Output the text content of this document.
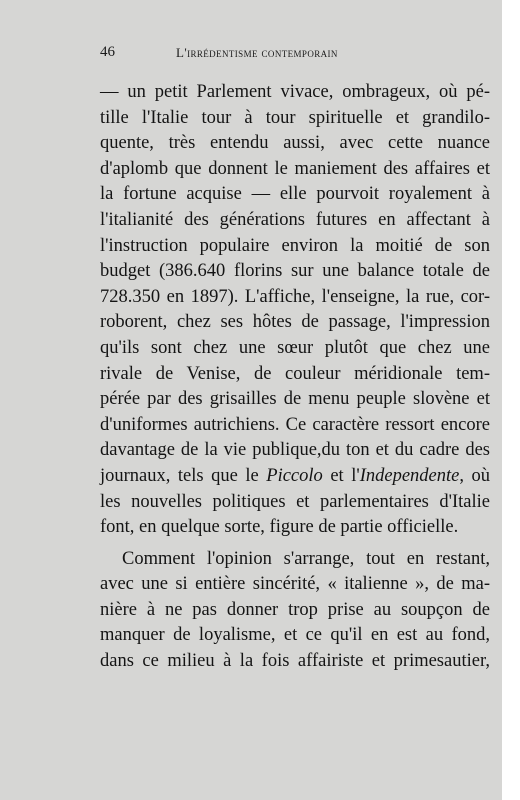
46	L'irrédentisme contemporain
— un petit Parlement vivace, ombrageux, où pé-
tille l'Italie tour à tour spirituelle et grandilo-
quente, très entendu aussi, avec cette nuance
d'aplomb que donnent le maniement des affaires et
la fortune acquise — elle pourvoit royalement à
l'italianité des générations futures en affectant à
l'instruction populaire environ la moitié de son
budget (386.640 florins sur une balance totale de
728.350 en 1897). L'affiche, l'enseigne, la rue, cor-
roborent, chez ses hôtes de passage, l'impression
qu'ils sont chez une sœur plutôt que chez une
rivale de Venise, de couleur méridionale tem-
pérée par des grisailles de menu peuple slovène et
d'uniformes autrichiens. Ce caractère ressort encore
davantage de la vie publique,du ton et du cadre des
journaux, tels que le Piccolo et l'Independente, où
les nouvelles politiques et parlementaires d'Italie
font, en quelque sorte, figure de partie officielle.
Comment l'opinion s'arrange, tout en restant,
avec une si entière sincérité, « italienne », de ma-
nière à ne pas donner trop prise au soupçon de
manquer de loyalisme, et ce qu'il en est au fond,
dans ce milieu à la fois affairiste et primesautier,
